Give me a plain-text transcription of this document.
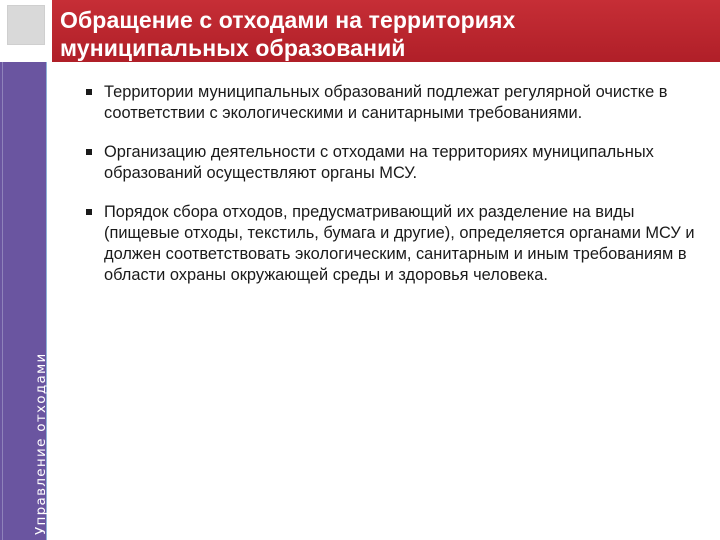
Обращение с отходами на территориях
муниципальных образований
Управление отходами
Территории муниципальных образований подлежат регулярной очистке в соответствии с экологическими и санитарными требованиями.
Организацию деятельности с отходами на территориях муниципальных образований осуществляют органы МСУ.
Порядок сбора отходов, предусматривающий их разделение на виды (пищевые отходы, текстиль, бумага и другие), определяется органами МСУ и должен соответствовать экологическим, санитарным и иным требованиям в области охраны окружающей среды и здоровья человека.
